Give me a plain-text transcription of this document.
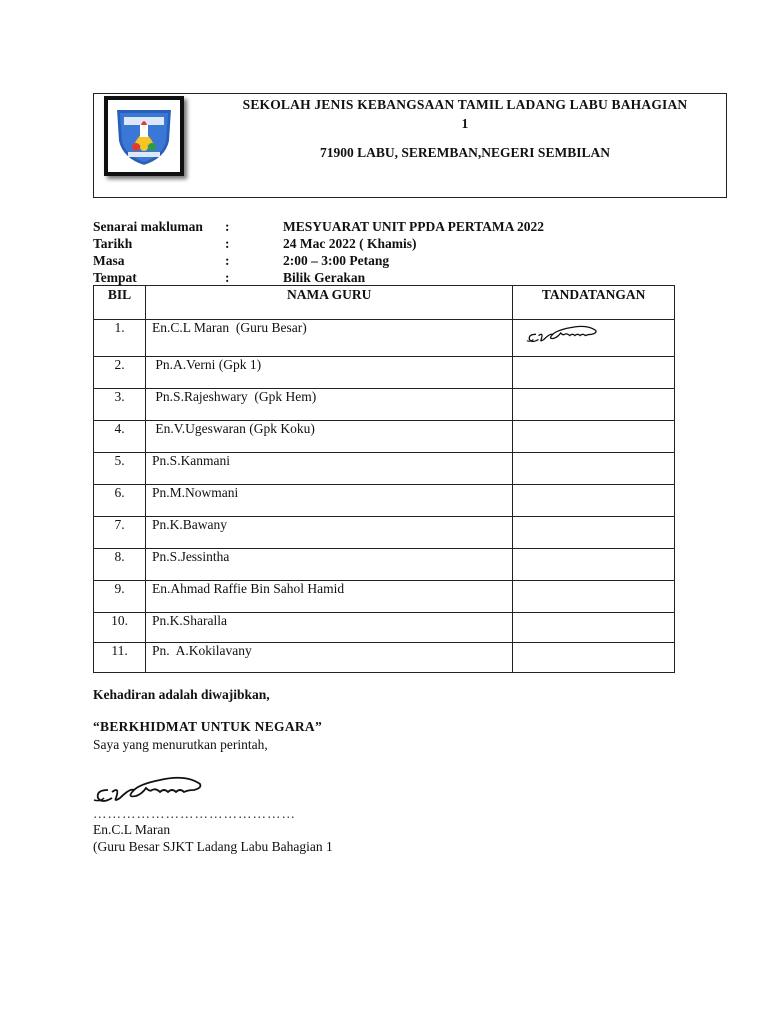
SEKOLAH JENIS KEBANGSAAN TAMIL LADANG LABU BAHAGIAN
1
71900 LABU, SEREMBAN,NEGERI SEMBILAN
Senarai makluman :	MESYUARAT UNIT PPDA PERTAMA 2022
Tarikh	:	24 Mac 2022 ( Khamis)
Masa	:	2:00 – 3:00 Petang
Tempat	:	Bilik Gerakan
BIL	NAMA GURU	TANDATANGAN
1.	En.C.L Maran  (Guru Besar)	
2.	Pn.A.Verni (Gpk 1)	
3.	Pn.S.Rajeshwary  (Gpk Hem)	
4.	En.V.Ugeswaran (Gpk Koku)	
5.	Pn.S.Kanmani	
6.	Pn.M.Nowmani	
7.	Pn.K.Bawany	
8.	Pn.S.Jessintha	
9.	En.Ahmad Raffie Bin Sahol Hamid	
10.	Pn.K.Sharalla	
11.	Pn.  A.Kokilavany	
Kehadiran adalah diwajibkan,
“BERKHIDMAT UNTUK NEGARA”
Saya yang menurutkan perintah,
……………………………………
En.C.L Maran
(Guru Besar SJKT Ladang Labu Bahagian 1
